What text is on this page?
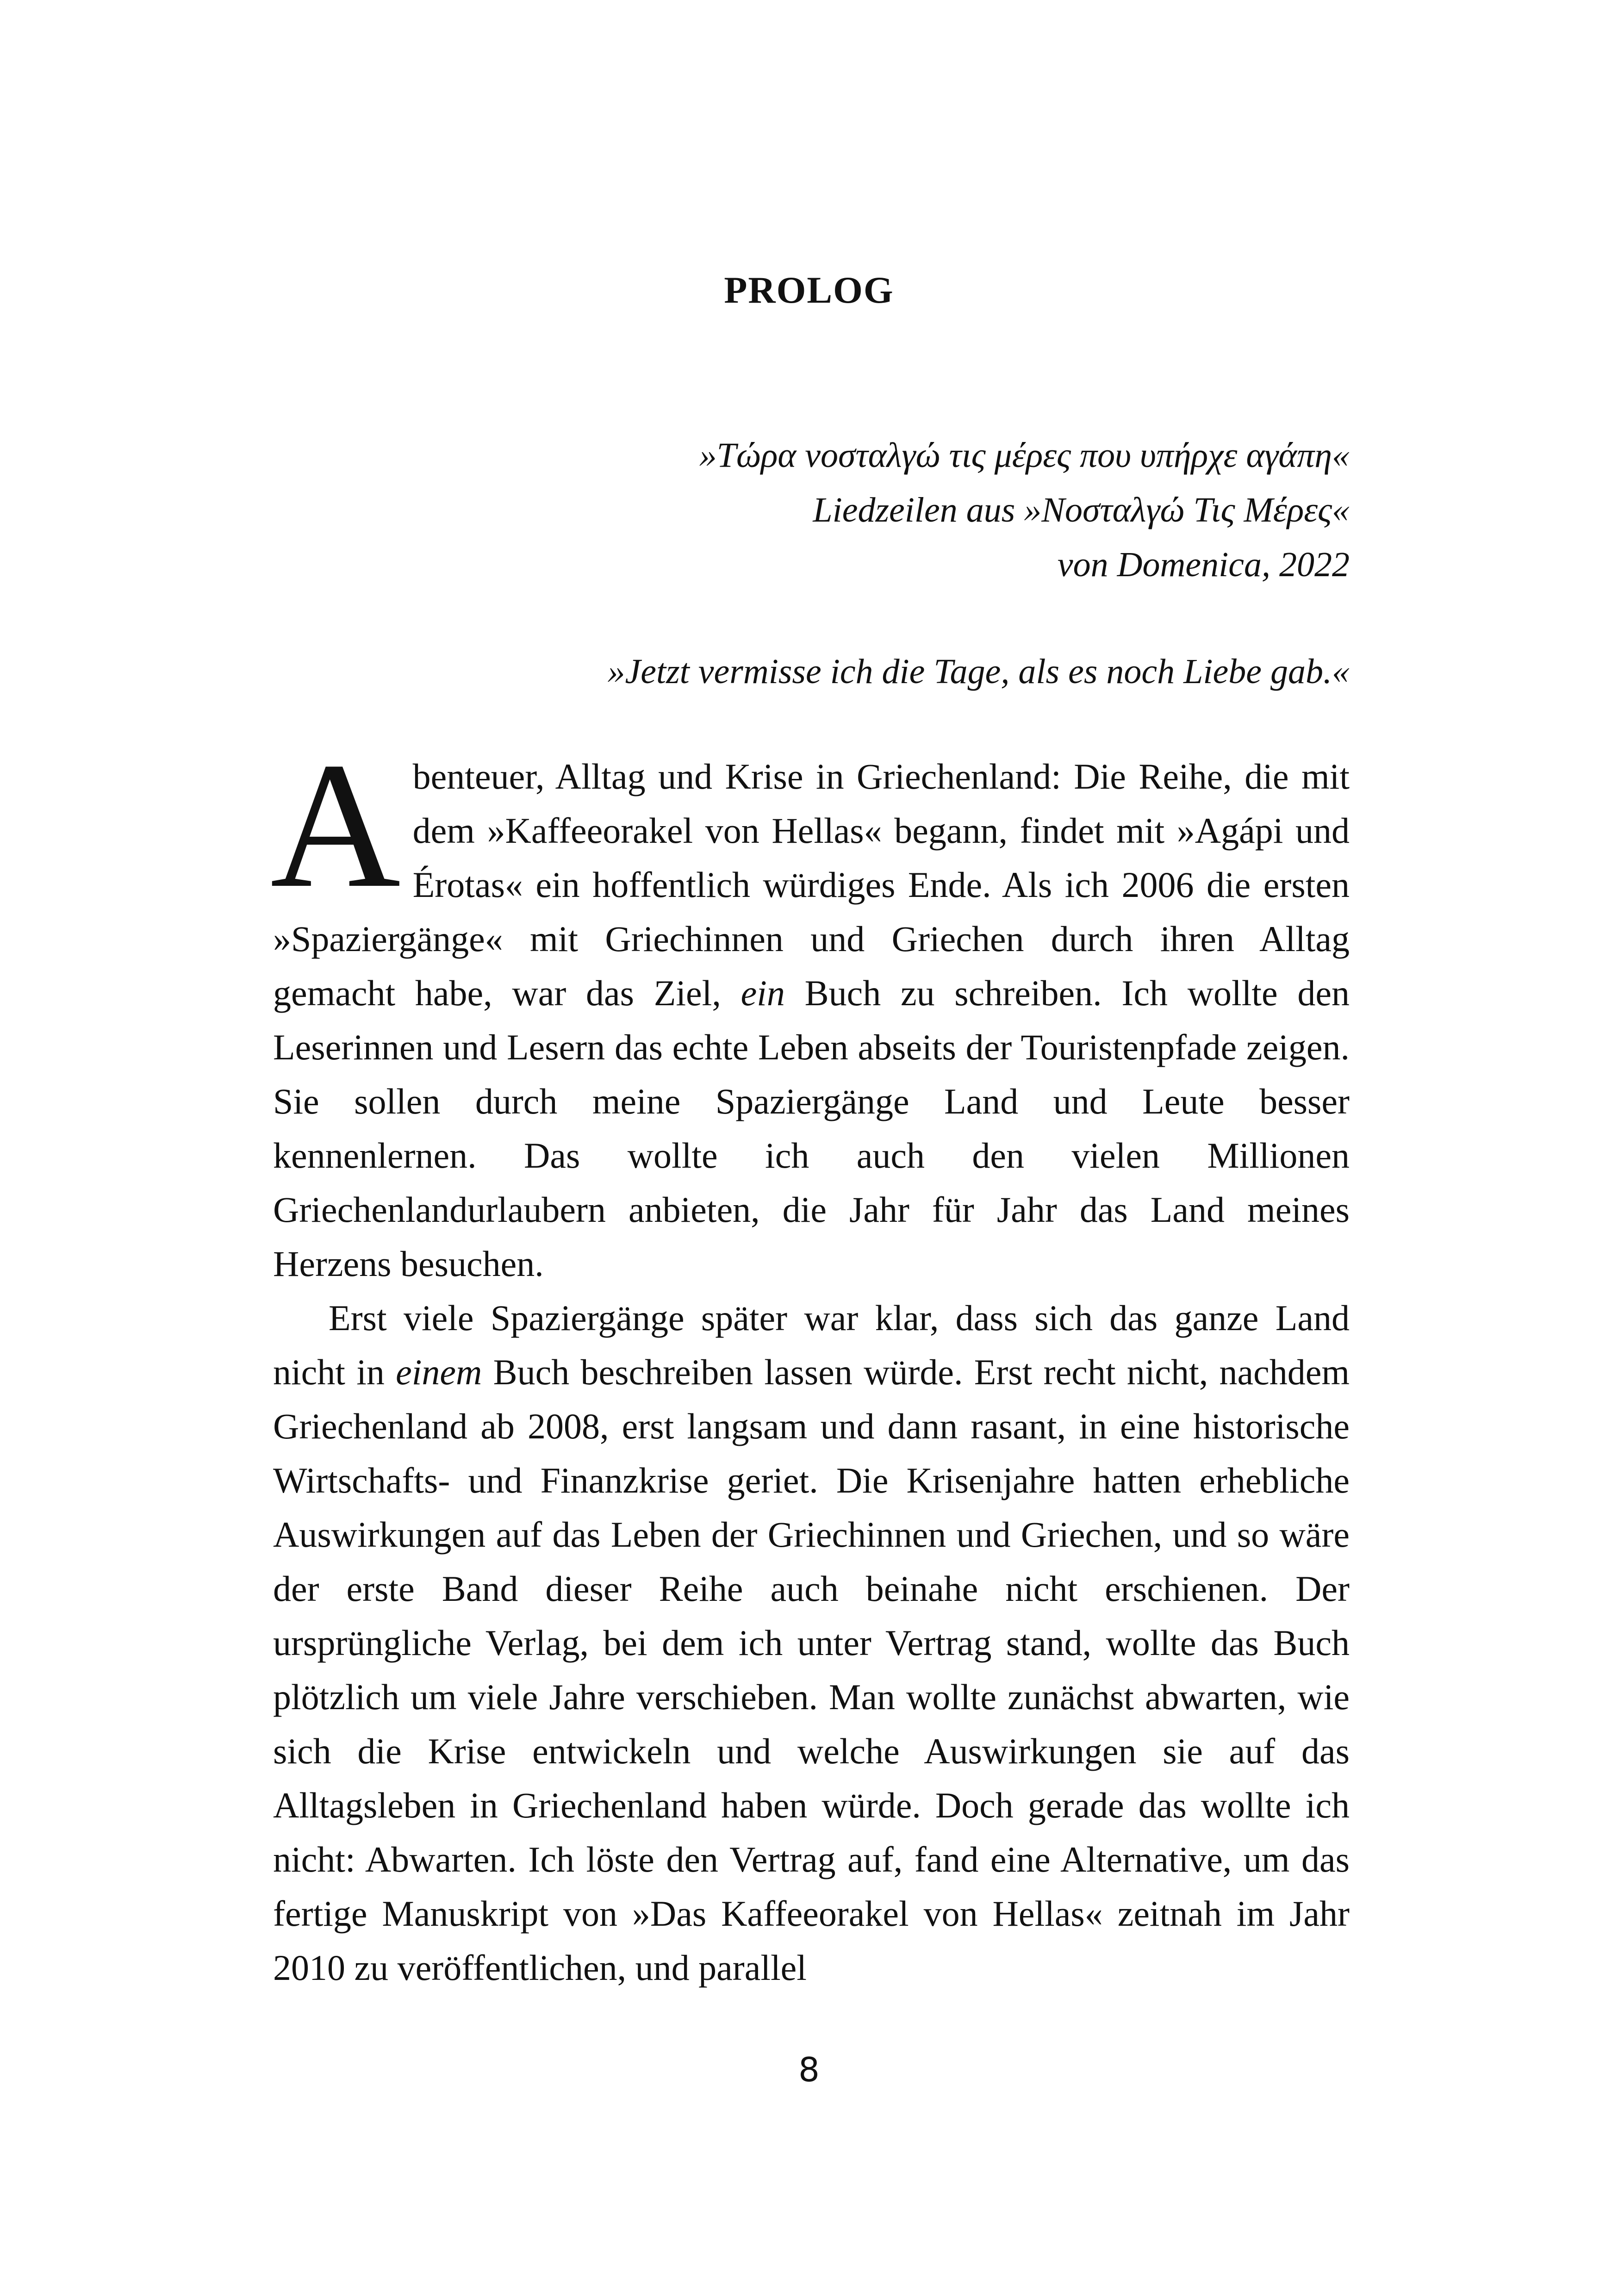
PROLOG

»Τώρα νοσταλγώ τις μέρες που υπήρχε αγάπη«

Liedzeilen aus »Νοσταλγώ Τις Μέρες«

von Domenica, 2022

»Jetzt vermisse ich die Tage, als es noch Liebe gab.«

Abenteuer, Alltag und Krise in Griechenland: Die Reihe, die mit dem »Kaffeeorakel von Hellas« begann, findet mit »Agápi und Érotas« ein hoffentlich würdiges Ende. Als ich 2006 die ersten »Spaziergänge« mit Griechinnen und Griechen durch ihren Alltag gemacht habe, war das Ziel, ein Buch zu schreiben. Ich wollte den Leserinnen und Lesern das echte Leben abseits der Touristenpfade zeigen. Sie sollen durch meine Spaziergänge Land und Leute besser kennenlernen. Das wollte ich auch den vielen Millionen Griechenlandurlaubern anbieten, die Jahr für Jahr das Land meines Herzens besuchen.

Erst viele Spaziergänge später war klar, dass sich das ganze Land nicht in einem Buch beschreiben lassen würde. Erst recht nicht, nachdem Griechenland ab 2008, erst langsam und dann rasant, in eine historische Wirtschafts- und Finanzkrise geriet. Die Krisenjahre hatten erhebliche Auswirkungen auf das Leben der Griechinnen und Griechen, und so wäre der erste Band dieser Reihe auch beinahe nicht erschienen. Der ursprüngliche Verlag, bei dem ich unter Vertrag stand, wollte das Buch plötzlich um viele Jahre verschieben. Man wollte zunächst abwarten, wie sich die Krise entwickeln und welche Auswirkungen sie auf das Alltagsleben in Griechenland haben würde. Doch gerade das wollte ich nicht: Abwarten. Ich löste den Vertrag auf, fand eine Alternative, um das fertige Manuskript von »Das Kaffeeorakel von Hellas« zeitnah im Jahr 2010 zu veröffentlichen, und parallel

8
